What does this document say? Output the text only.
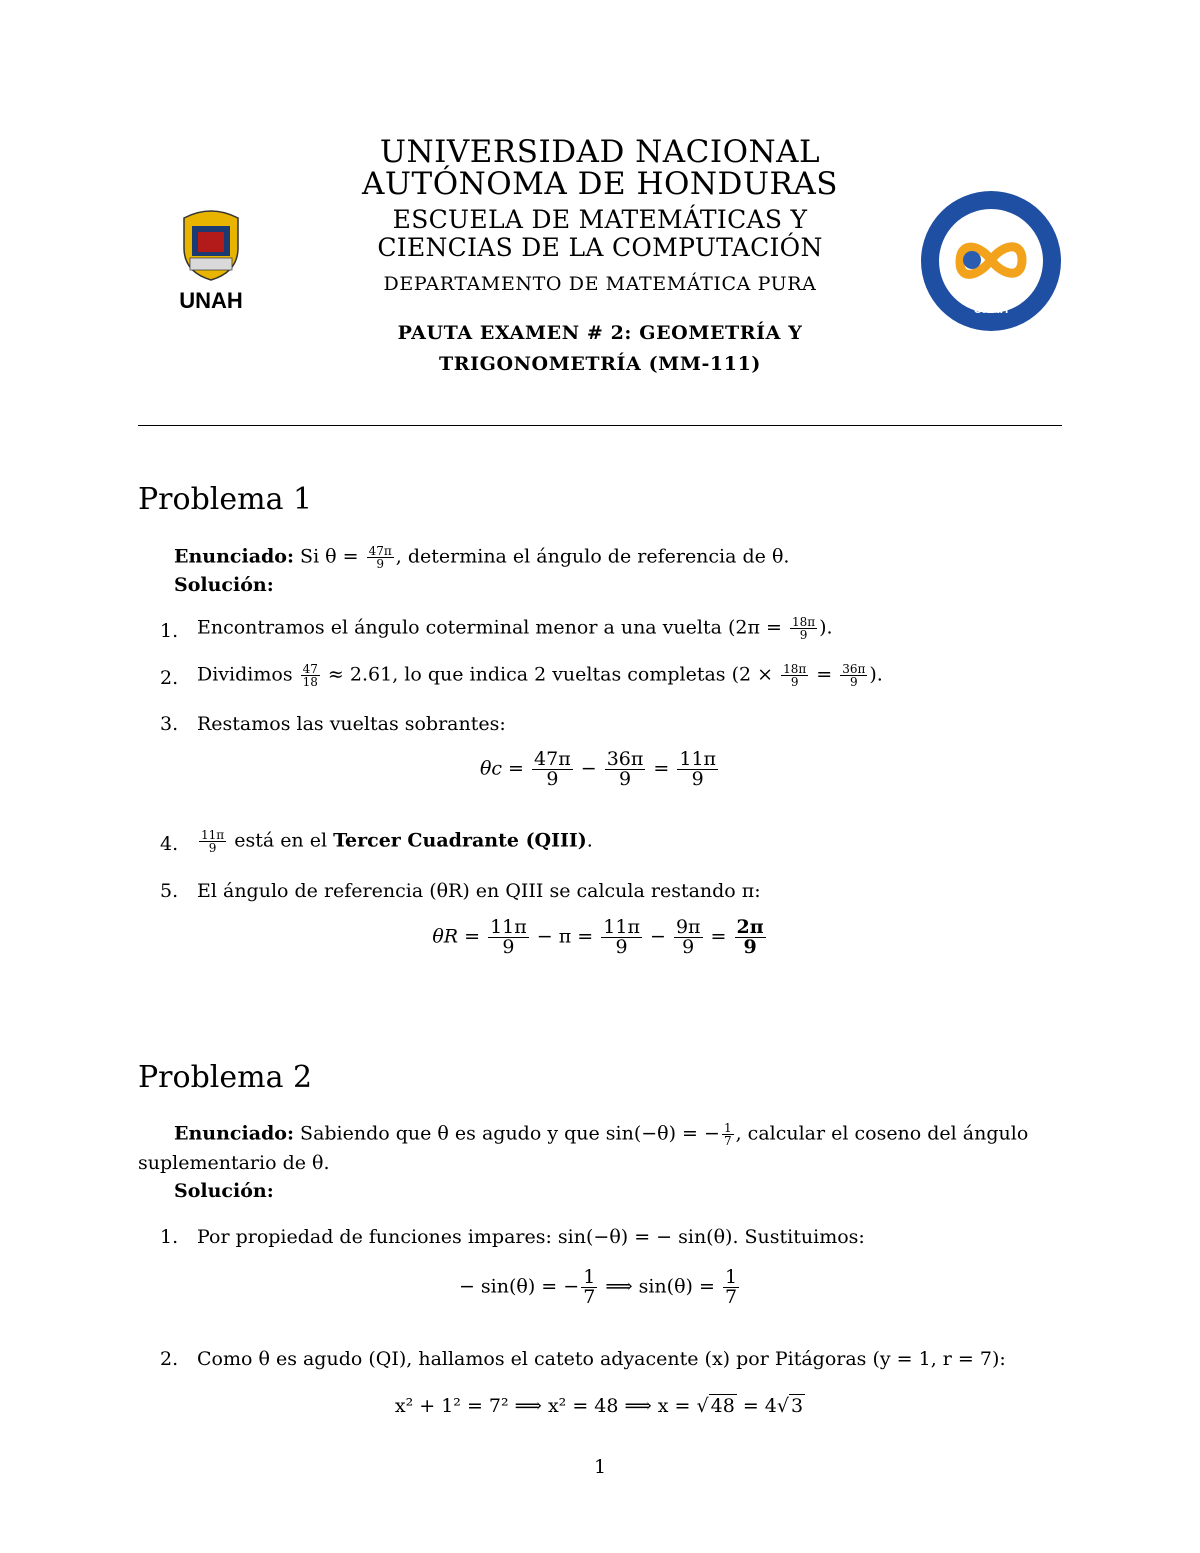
UNAH	UNAH
UNIVERSIDAD NACIONAL
AUTÓNOMA DE HONDURAS
ESCUELA DE MATEMÁTICAS Y
CIENCIAS DE LA COMPUTACIÓN
DEPARTAMENTO DE MATEMÁTICA PURA
PAUTA EXAMEN # 2: GEOMETRÍA Y
TRIGONOMETRÍA (MM-111)
Problema 1
Enunciado: Si $\theta = \frac{47\pi}{9}$ , determina el ángulo de referencia de θ.
Solución:
1. Encontramos el ángulo coterminal menor a una vuelta ($2\pi = \frac{18\pi}{9}$ ).
2. Dividimos $\frac{47}{18} \approx 2.61$, lo que indica 2 vueltas completas ($2 \times \frac{18\pi}{9} = \frac{36\pi}{9}$ ).
3. Restamos las vueltas sobrantes:
$\theta c = \frac{47\pi}{9} - \frac{36\pi}{9} = \frac{11\pi}{9}$
4. $\frac{11\pi}{9}$ está en el Tercer Cuadrante (QIII).
5. El ángulo de referencia (θR) en QIII se calcula restando π:
$\theta R = \frac{11\pi}{9} - \pi = \frac{11\pi}{9} - \frac{9\pi}{9} = \frac{2\pi}{9}$
Problema 2
Enunciado: Sabiendo que θ es agudo y que sin(−θ) = − $\frac{1}{7}$ , calcular el coseno del ángulo
suplementario de θ.
Solución:
1. Por propiedad de funciones impares: sin(−θ) = − sin(θ). Sustituimos:
− sin(θ) = − $\frac{1}{7}$ ⟹ $\sin(\theta) = \frac{1}{7}$
2. Como θ es agudo (QI), hallamos el cateto adyacente (x) por Pitágoras (y = 1, r = 7):
x² + 1² = 7² ⟹ x² = 48 ⟹ x = √ 48 = 4√ 3
1
